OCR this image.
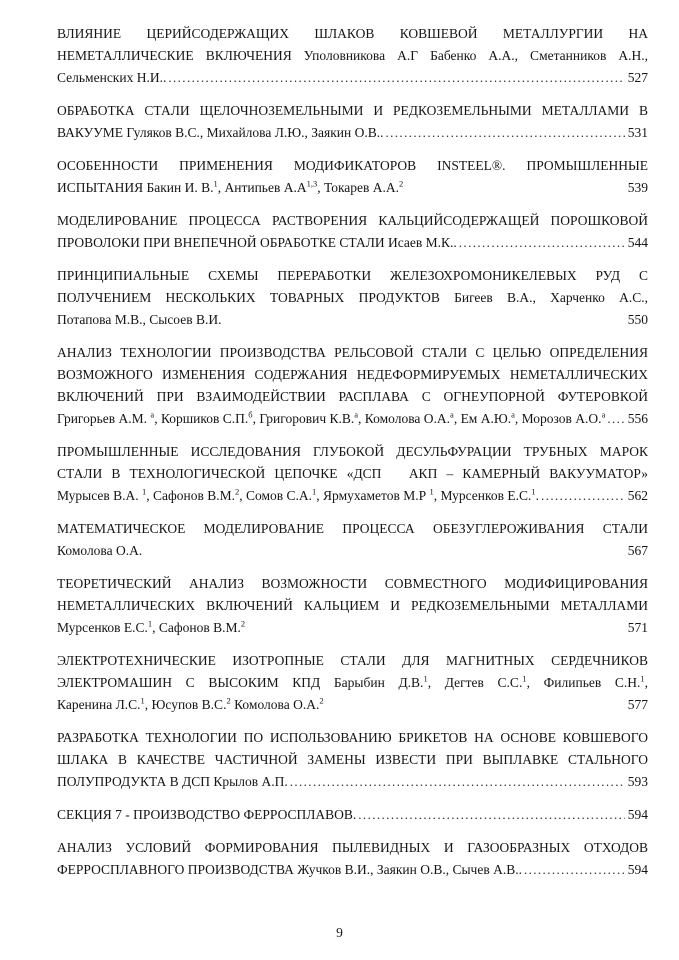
ВЛИЯНИЕ ЦЕРИЙСОДЕРЖАЩИХ ШЛАКОВ КОВШЕВОЙ МЕТАЛЛУРГИИ НА
НЕМЕТАЛЛИЧЕСКИЕ ВКЛЮЧЕНИЯ Уполовникова А.Г Бабенко А.А., Сметанников А.Н.,
Сельменских Н.И.. .....	527
ОБРАБОТКА СТАЛИ ЩЕЛОЧНОЗЕМЕЛЬНЫМИ И РЕДКОЗЕМЕЛЬНЫМИ МЕТАЛЛАМИ В
ВАКУУМЕ Гуляков В.С., Михайлова Л.Ю., Заякин О.В.. .....	531
ОСОБЕННОСТИ ПРИМЕНЕНИЯ МОДИФИКАТОРОВ INSTEEL®. ПРОМЫШЛЕННЫЕ
ИСПЫТАНИЯ Бакин И. В.$^1$, Антипьев $А.А^{1,3}$, Токарев А.А.$^2$	539
МОДЕЛИРОВАНИЕ ПРОЦЕССА РАСТВОРЕНИЯ КАЛЬЦИЙСОДЕРЖАЩЕЙ ПОРОШКОВОЙ
ПРОВОЛОКИ ПРИ ВНЕПЕЧНОЙ ОБРАБОТКЕ СТАЛИ Исаев М.К.. .....	544
ПРИНЦИПИАЛЬНЫЕ СХЕМЫ ПЕРЕРАБОТКИ ЖЕЛЕЗОХРОМОНИКЕЛЕВЫХ РУД С
ПОЛУЧЕНИЕМ НЕСКОЛЬКИХ ТОВАРНЫХ ПРОДУКТОВ Бигеев В.А., Харченко А.С.,
Потапова М.В., Сысоев В.И.	550
АНАЛИЗ ТЕХНОЛОГИИ ПРОИЗВОДСТВА РЕЛЬСОВОЙ СТАЛИ С ЦЕЛЬЮ ОПРЕДЕЛЕНИЯ
ВОЗМОЖНОГО ИЗМЕНЕНИЯ СОДЕРЖАНИЯ НЕДЕФОРМИРУЕМЫХ НЕМЕТАЛЛИЧЕСКИХ
ВКЛЮЧЕНИЙ ПРИ ВЗАИМОДЕЙСТВИИ РАСПЛАВА С ОГНЕУПОРНОЙ ФУТЕРОВКОЙ
Григорьев А.М. $^а$, Коршиков С.П.$^б$, Григорович К.В.$^а$, Комолова О.А.$^а$, Ем А.Ю.$^а$, Морозов А.О.$^а$ ..... 556
ПРОМЫШЛЕННЫЕ ИССЛЕДОВАНИЯ ГЛУБОКОЙ ДЕСУЛЬФУРАЦИИ ТРУБНЫХ МАРОК
СТАЛИ В ТЕХНОЛОГИЧЕСКОЙ ЦЕПОЧКЕ «ДСП   АКП – КАМЕРНЫЙ ВАКУУМАТОР»
Мурысев В.А. $^1$, Сафонов В.М.$^2$, Сомов С.А.$^1$, Ярмухаметов М.Р $^1$, Мурсенков Е.С.$^1$. .....	562
МАТЕМАТИЧЕСКОЕ МОДЕЛИРОВАНИЕ ПРОЦЕССА ОБЕЗУГЛЕРОЖИВАНИЯ СТАЛИ
Комолова О.А.	567
ТЕОРЕТИЧЕСКИЙ АНАЛИЗ ВОЗМОЖНОСТИ СОВМЕСТНОГО МОДИФИЦИРОВАНИЯ
НЕМЕТАЛЛИЧЕСКИХ ВКЛЮЧЕНИЙ КАЛЬЦИЕМ И РЕДКОЗЕМЕЛЬНЫМИ МЕТАЛЛАМИ
Мурсенков Е.С.$^1$, Сафонов В.М.$^2$	571
ЭЛЕКТРОТЕХНИЧЕСКИЕ ИЗОТРОПНЫЕ СТАЛИ ДЛЯ МАГНИТНЫХ СЕРДЕЧНИКОВ
ЭЛЕКТРОМАШИН С ВЫСОКИМ КПД Барыбин Д.В.$^1$, Дегтев С.С.$^1$, Филипьев С.Н.$^1$,
Каренина Л.С.$^1$, Юсупов В.С.$^2$ Комолова О.А.$^2$	577
РАЗРАБОТКА ТЕХНОЛОГИИ ПО ИСПОЛЬЗОВАНИЮ БРИКЕТОВ НА ОСНОВЕ КОВШЕВОГО
ШЛАКА В КАЧЕСТВЕ ЧАСТИЧНОЙ ЗАМЕНЫ ИЗВЕСТИ ПРИ ВЫПЛАВКЕ СТАЛЬНОГО
ПОЛУПРОДУКТА В ДСП Крылов А.П. .....	593
СЕКЦИЯ 7 - ПРОИЗВОДСТВО ФЕРРОСПЛАВОВ. .....	594
АНАЛИЗ УСЛОВИЙ ФОРМИРОВАНИЯ ПЫЛЕВИДНЫХ И ГАЗООБРАЗНЫХ ОТХОДОВ
ФЕРРОСПЛАВНОГО ПРОИЗВОДСТВА Жучков В.И., Заякин О.В., Сычев А.В.. .....	594
9
